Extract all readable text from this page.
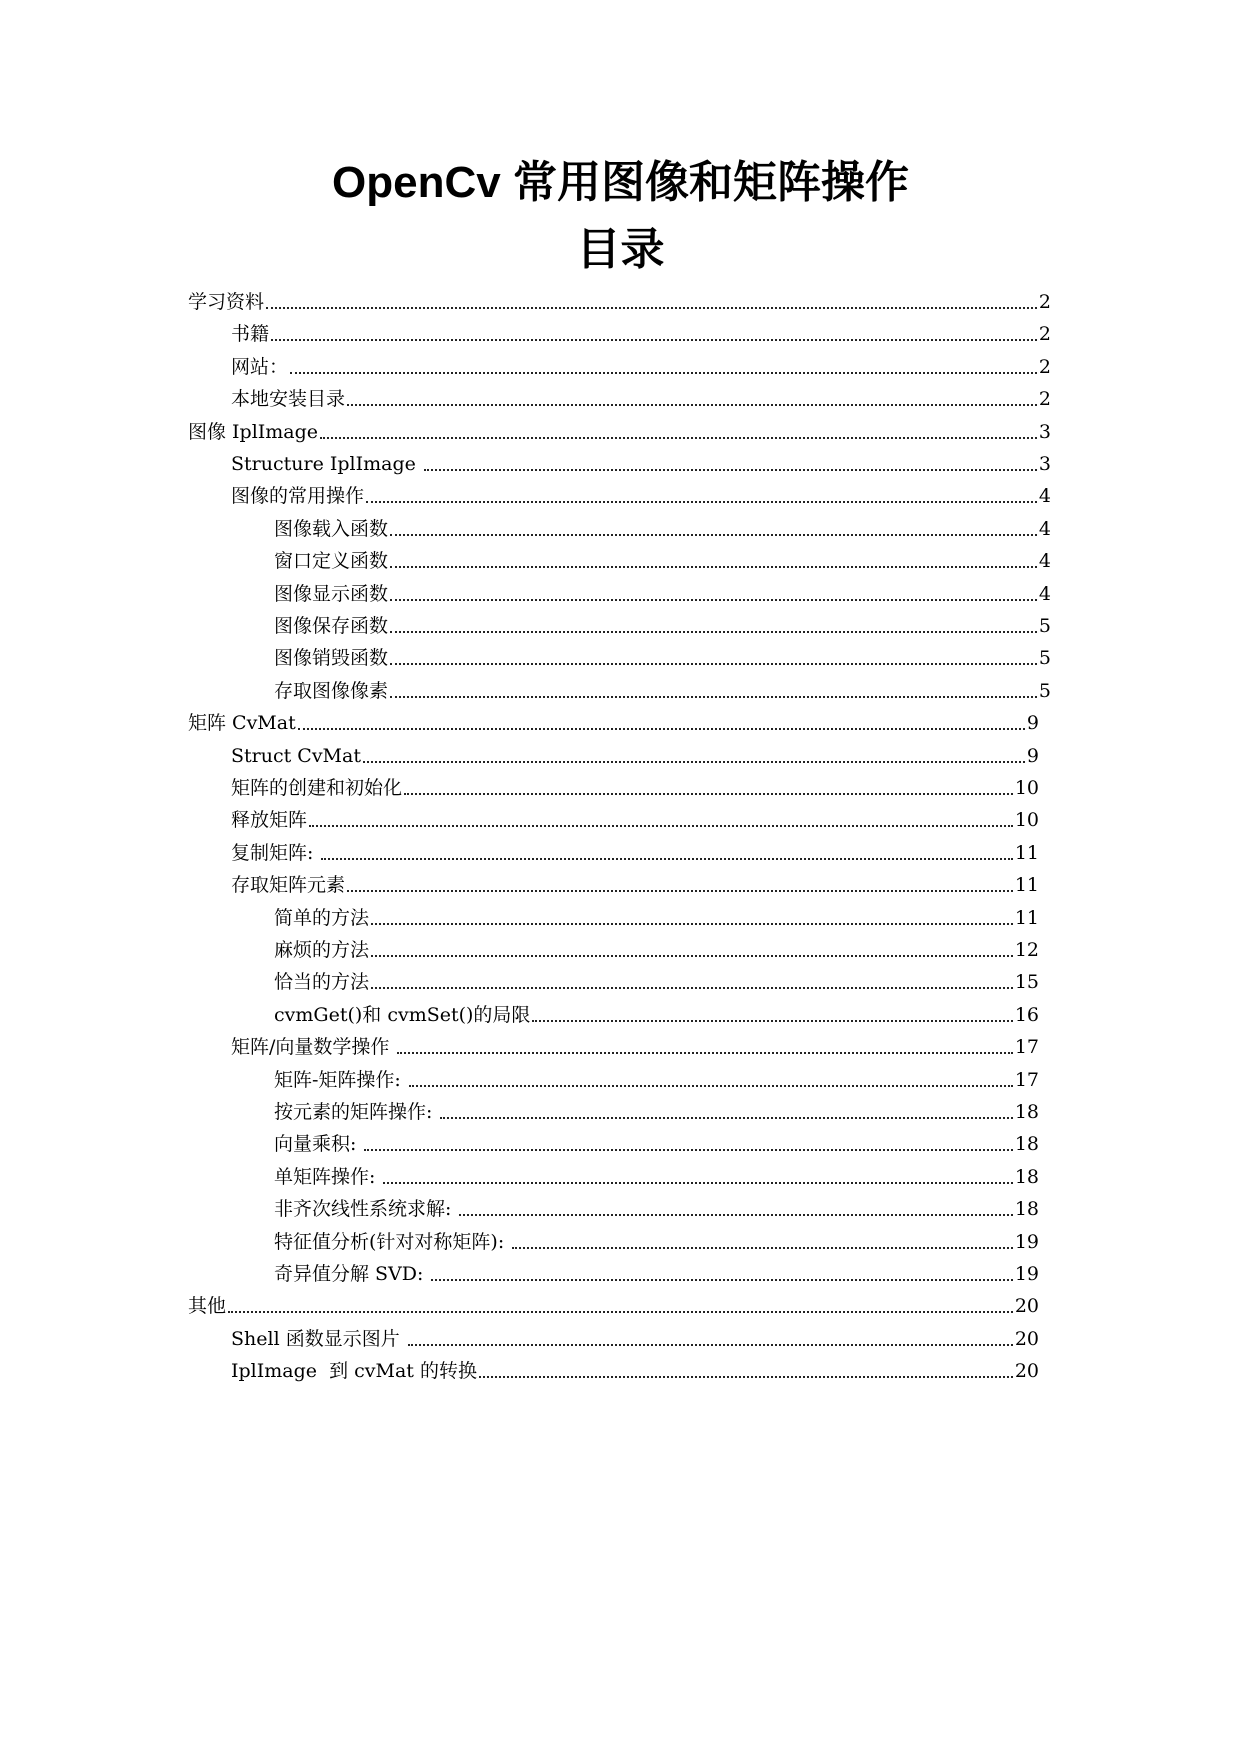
OpenCv 常用图像和矩阵操作
目录
学习资料	2
书籍	2
网站：	2
本地安装目录	2
图像 IplImage	3
Structure IplImage	3
图像的常用操作	4
图像载入函数	4
窗口定义函数	4
图像显示函数	4
图像保存函数	5
图像销毁函数	5
存取图像像素	5
矩阵 CvMat	9
Struct CvMat	9
矩阵的创建和初始化	10
释放矩阵	10
复制矩阵:	11
存取矩阵元素	11
简单的方法	11
麻烦的方法	12
恰当的方法	15
cvmGet()和 cvmSet()的局限	16
矩阵/向量数学操作	17
矩阵-矩阵操作:	17
按元素的矩阵操作:	18
向量乘积:	18
单矩阵操作:	18
非齐次线性系统求解:	18
特征值分析(针对对称矩阵):	19
奇异值分解 SVD:	19
其他	20
Shell 函数显示图片	20
IplImage  到 cvMat 的转换	20
